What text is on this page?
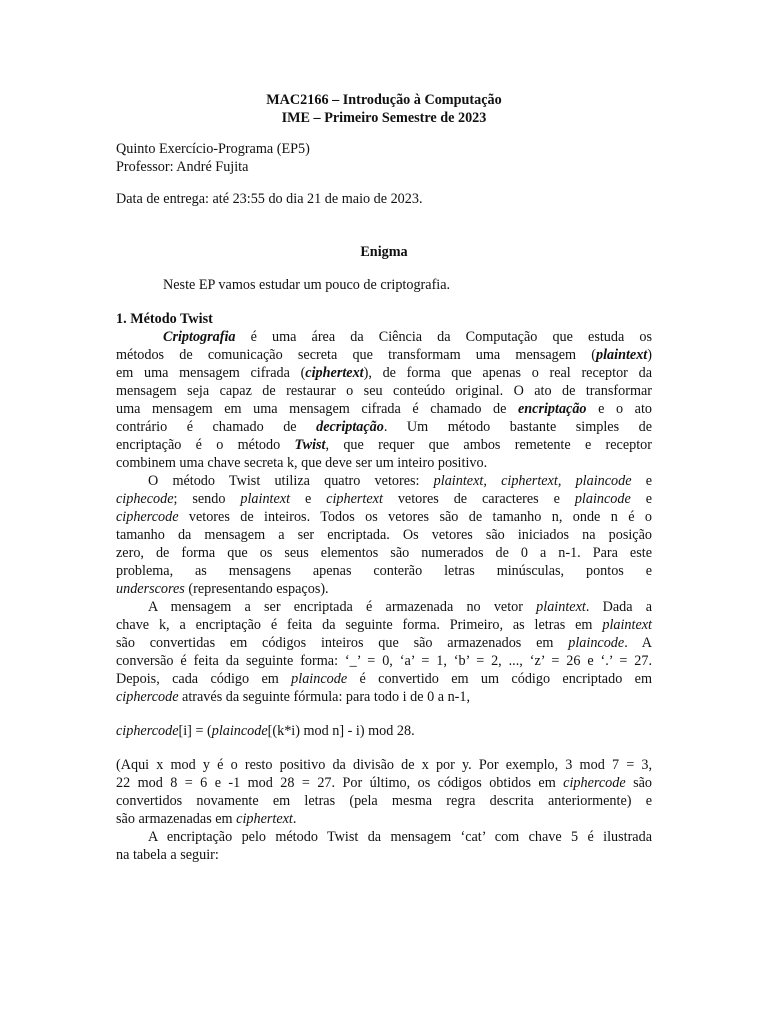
MAC2166 – Introdução à Computação
IME – Primeiro Semestre de 2023
Quinto Exercício-Programa (EP5)
Professor: André Fujita
Data de entrega: até 23:55 do dia 21 de maio de 2023.
Enigma
Neste EP vamos estudar um pouco de criptografia.
1. Método Twist
Criptografia é uma área da Ciência da Computação que estuda os
métodos de comunicação secreta que transformam uma mensagem (plaintext)
em uma mensagem cifrada (ciphertext), de forma que apenas o real receptor da
mensagem seja capaz de restaurar o seu conteúdo original. O ato de transformar
uma mensagem em uma mensagem cifrada é chamado de encriptação e o ato
contrário é chamado de decriptação. Um método bastante simples de
encriptação é o método Twist, que requer que ambos remetente e receptor
combinem uma chave secreta k, que deve ser um inteiro positivo.
O método Twist utiliza quatro vetores: plaintext, ciphertext, plaincode e
ciphecode; sendo plaintext e ciphertext vetores de caracteres e plaincode e
ciphercode vetores de inteiros. Todos os vetores são de tamanho n, onde n é o
tamanho da mensagem a ser encriptada. Os vetores são iniciados na posição
zero, de forma que os seus elementos são numerados de 0 a n-1. Para este
problema, as mensagens apenas conterão letras minúsculas, pontos e
underscores (representando espaços).
A mensagem a ser encriptada é armazenada no vetor plaintext. Dada a
chave k, a encriptação é feita da seguinte forma. Primeiro, as letras em plaintext
são convertidas em códigos inteiros que são armazenados em plaincode. A
conversão é feita da seguinte forma: ‘_’ = 0, ‘a’ = 1, ‘b’ = 2, ..., ‘z’ = 26 e ‘.’ = 27.
Depois, cada código em plaincode é convertido em um código encriptado em
ciphercode através da seguinte fórmula: para todo i de 0 a n-1,
ciphercode[i] = (plaincode[(k*i) mod n] - i) mod 28.
(Aqui x mod y é o resto positivo da divisão de x por y. Por exemplo, 3 mod 7 = 3,
22 mod 8 = 6 e -1 mod 28 = 27. Por último, os códigos obtidos em ciphercode são
convertidos novamente em letras (pela mesma regra descrita anteriormente) e
são armazenadas em ciphertext.
A encriptação pelo método Twist da mensagem ‘cat’ com chave 5 é ilustrada
na tabela a seguir:
